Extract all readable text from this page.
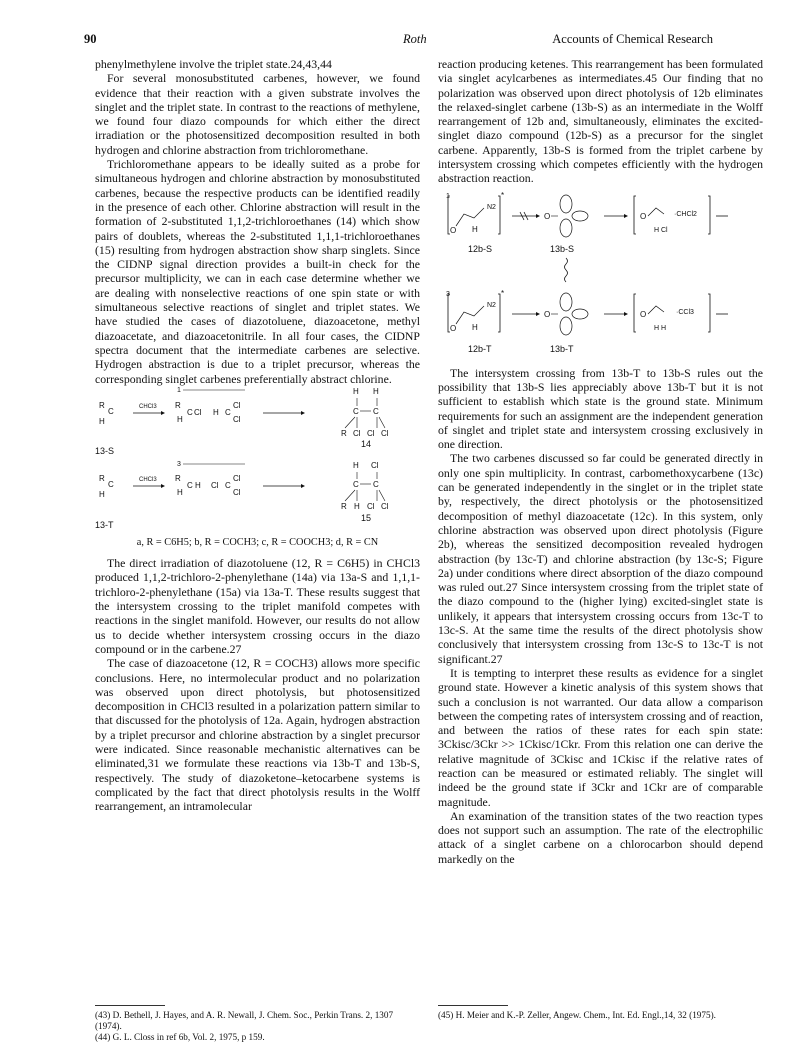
90	Roth	Accounts of Chemical Research

phenylmethylene involve the triplet state.24,43,44

For several monosubstituted carbenes, however, we found evidence that their reaction with a given substrate involves the singlet and the triplet state. In contrast to the reactions of methylene, we found four diazo compounds for which either the direct irradiation or the photosensitized decomposition resulted in both hydrogen and chlorine abstraction from trichloromethane.

Trichloromethane appears to be ideally suited as a probe for simultaneous hydrogen and chlorine abstraction by monosubstituted carbenes, because the respective products can be identified readily in the presence of each other. Chlorine abstraction will result in the formation of 2-substituted 1,1,2-trichloroethanes (14) which show pairs of doublets, whereas the 2-substituted 1,1,1-trichloroethanes (15) resulting from hydrogen abstraction show sharp singlets. Since the CIDNP signal direction provides a built-in check for the precursor multiplicity, we can in each case determine whether we are dealing with nonselective reactions of one spin state or with simultaneous selective reactions of singlet and triplet states. We have studied the cases of diazotoluene, diazoacetone, methyl diazoacetate, and diazoacetonitrile. In all four cases, the CIDNP spectra document that the intermediate carbenes are selective. Hydrogen abstraction is due to a triplet precursor, whereas the corresponding singlet carbenes preferentially abstract chlorine.

R
C
H
CHCl3
1
R
C Cl
H
H C
Cl
Cl
H H
C C
R Cl Cl Cl
14
13-S
R
C
H
CHCl3
3
R
C H
H
Cl C
Cl
Cl
H Cl
C C
R H Cl Cl
15
13-T

a, R = C6H5; b, R = COCH3; c, R = COOCH3; d, R = CN

The direct irradiation of diazotoluene (12, R = C6H5) in CHCl3 produced 1,1,2-trichloro-2-phenylethane (14a) via 13a-S and 1,1,1-trichloro-2-phenylethane (15a) via 13a-T. These results suggest that the intersystem crossing to the triplet manifold competes with reactions in the singlet manifold. However, our results do not allow us to decide whether intersystem crossing occurs in the diazo compound or in the carbene.27

The case of diazoacetone (12, R = COCH3) allows more specific conclusions. Here, no intermolecular product and no polarization was observed upon direct photolysis, but photosensitized decomposition in CHCl3 resulted in a polarization pattern similar to that discussed for the photolysis of 12a. Again, hydrogen abstraction by a triplet precursor and chlorine abstraction by a singlet precursor were indicated. Since reasonable mechanistic alternatives can be eliminated,31 we formulate these reactions via 13b-T and 13b-S, respectively. The study of diazoketone–ketocarbene systems is complicated by the fact that direct photolysis results in the Wolff rearrangement, an intramolecular

(43) D. Bethell, J. Hayes, and A. R. Newall, J. Chem. Soc., Perkin Trans. 2, 1307 (1974).

(44) G. L. Closs in ref 6b, Vol. 2, 1975, p 159.

reaction producing ketenes. This rearrangement has been formulated via singlet acylcarbenes as intermediates.45 Our finding that no polarization was observed upon direct photolysis of 12b eliminates the relaxed-singlet carbene (13b-S) as an intermediate in the Wolff rearrangement of 12b and, simultaneously, eliminates the excited-singlet diazo compound (12b-S) as a precursor for the singlet carbene. Apparently, 13b-S is formed from the triplet carbene by intersystem crossing which competes efficiently with the hydrogen abstraction reaction.

1
O H
N2
*
O	O
H Cl
·CHCl2
12b-S	13b-S
3
O H
N2
*
O	O
H H
·CCl3
12b-T	13b-T

The intersystem crossing from 13b-T to 13b-S rules out the possibility that 13b-S lies appreciably above 13b-T but it is not sufficient to establish which state is the ground state. Minimum requirements for such an assignment are the independent generation of singlet and triplet state and intersystem crossing exclusively in one direction.

The two carbenes discussed so far could be generated directly in only one spin multiplicity. In contrast, carbomethoxycarbene (13c) can be generated independently in the singlet or in the triplet state by, respectively, the direct photolysis or the photosensitized decomposition of methyl diazoacetate (12c). In this system, only chlorine abstraction was observed upon direct photolysis (Figure 2b), whereas the sensitized decomposition revealed hydrogen abstraction (by 13c-T) and chlorine abstraction (by 13c-S; Figure 2a) under conditions where direct absorption of the diazo compound was ruled out.27 Since intersystem crossing from the triplet state of the diazo compound to the (higher lying) excited-singlet state is unlikely, it appears that intersystem crossing occurs from 13c-T to 13c-S. At the same time the results of the direct photolysis show conclusively that intersystem crossing from 13c-S to 13c-T is not significant.27

It is tempting to interpret these results as evidence for a singlet ground state. However a kinetic analysis of this system shows that such a conclusion is not warranted. Our data allow a comparison between the competing rates of intersystem crossing and of reaction, and between the ratios of these rates for each spin state: 3Ckisc/3Ckr >> 1Ckisc/1Ckr. From this relation one can derive the relative magnitude of 3Ckisc and 1Ckisc if the relative rates of reaction can be measured or estimated reliably. The singlet will indeed be the ground state if 3Ckr and 1Ckr are of comparable magnitude.

An examination of the transition states of the two reaction types does not support such an assumption. The rate of the electrophilic attack of a singlet carbene on a chlorocarbon should depend markedly on the

(45) H. Meier and K.-P. Zeller, Angew. Chem., Int. Ed. Engl.,14, 32 (1975).
